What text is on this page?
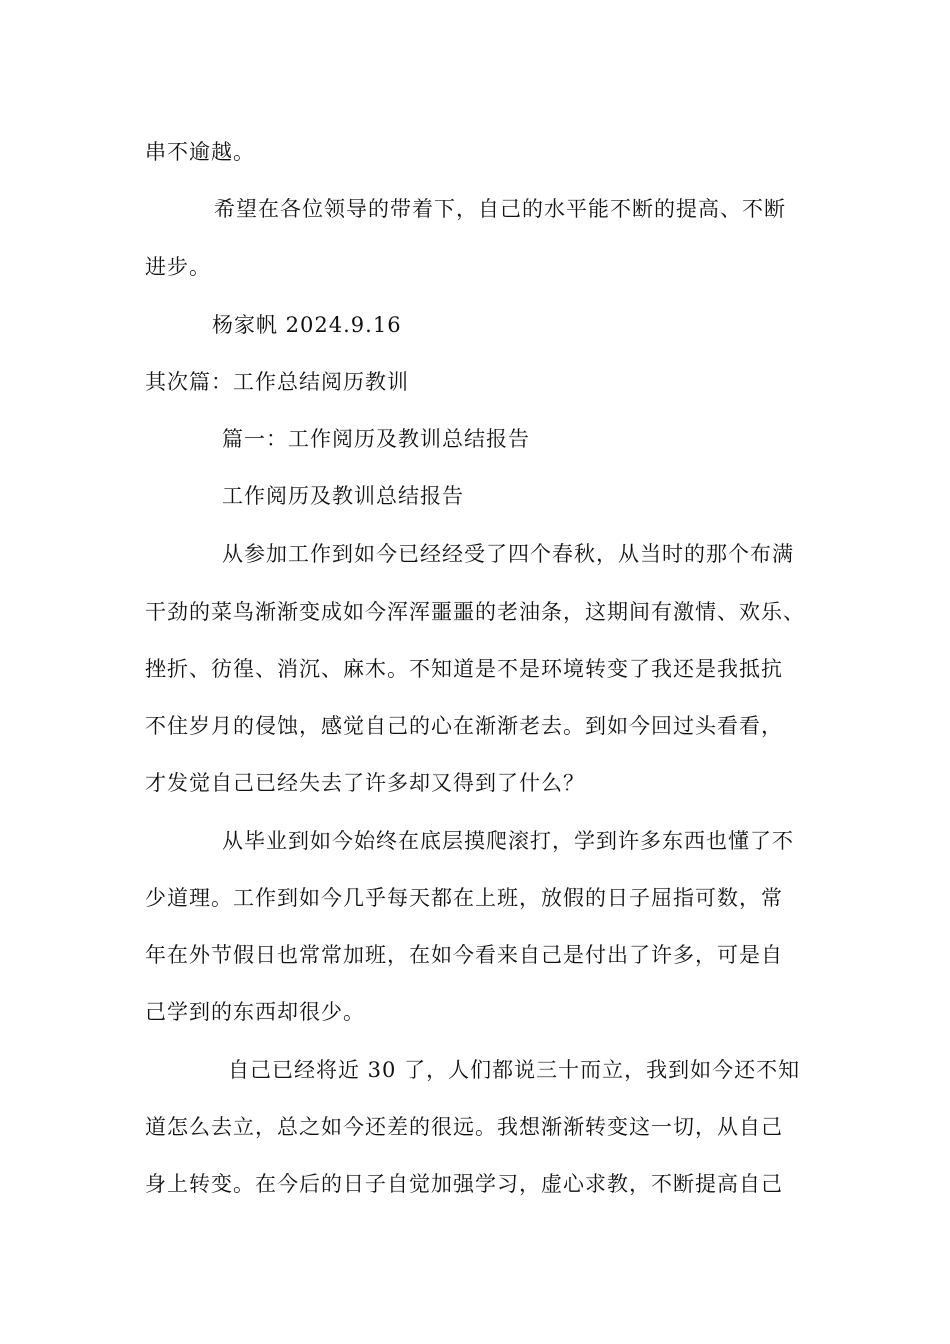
串不逾越。
希望在各位领导的带着下，自己的水平能不断的提高、不断
进步。
杨家帆 2024.9.16
其次篇：工作总结阅历教训
篇一：工作阅历及教训总结报告
工作阅历及教训总结报告
从参加工作到如今已经经受了四个春秋，从当时的那个布满
干劲的菜鸟渐渐变成如今浑浑噩噩的老油条，这期间有激情、欢乐、
挫折、彷徨、消沉、麻木。不知道是不是环境转变了我还是我抵抗
不住岁月的侵蚀，感觉自己的心在渐渐老去。到如今回过头看看，
才发觉自己已经失去了许多却又得到了什么？
从毕业到如今始终在底层摸爬滚打，学到许多东西也懂了不
少道理。工作到如今几乎每天都在上班，放假的日子屈指可数，常
年在外节假日也常常加班，在如今看来自己是付出了许多，可是自
己学到的东西却很少。
自己已经将近 30 了，人们都说三十而立，我到如今还不知
道怎么去立，总之如今还差的很远。我想渐渐转变这一切，从自己
身上转变。在今后的日子自觉加强学习，虚心求教，不断提高自己
